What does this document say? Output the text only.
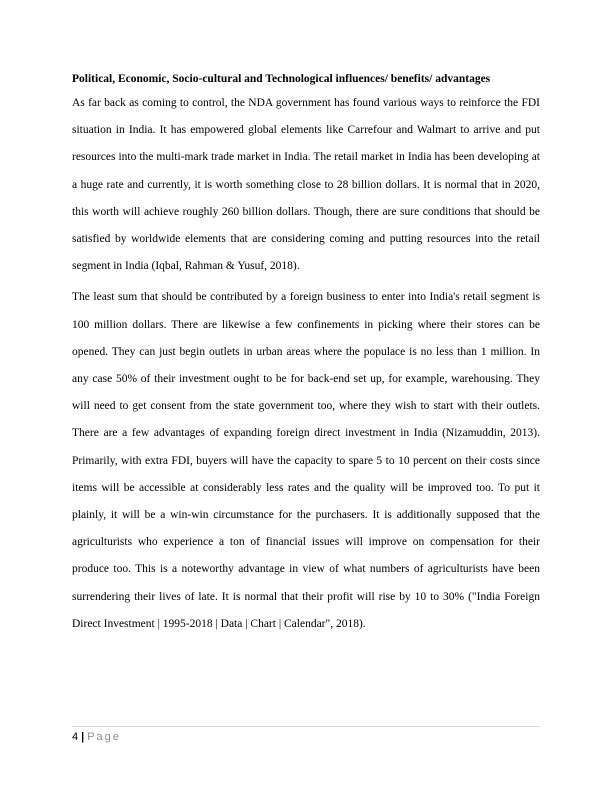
Political, Economic, Socio-cultural and Technological influences/ benefits/ advantages

As far back as coming to control, the NDA government has found various ways to reinforce the FDI situation in India. It has empowered global elements like Carrefour and Walmart to arrive and put resources into the multi-mark trade market in India. The retail market in India has been developing at a huge rate and currently, it is worth something close to 28 billion dollars. It is normal that in 2020, this worth will achieve roughly 260 billion dollars. Though, there are sure conditions that should be satisfied by worldwide elements that are considering coming and putting resources into the retail segment in India (Iqbal, Rahman & Yusuf, 2018).

The least sum that should be contributed by a foreign business to enter into India's retail segment is 100 million dollars. There are likewise a few confinements in picking where their stores can be opened. They can just begin outlets in urban areas where the populace is no less than 1 million. In any case 50% of their investment ought to be for back-end set up, for example, warehousing. They will need to get consent from the state government too, where they wish to start with their outlets. There are a few advantages of expanding foreign direct investment in India (Nizamuddin, 2013). Primarily, with extra FDI, buyers will have the capacity to spare 5 to 10 percent on their costs since items will be accessible at considerably less rates and the quality will be improved too. To put it plainly, it will be a win-win circumstance for the purchasers. It is additionally supposed that the agriculturists who experience a ton of financial issues will improve on compensation for their produce too. This is a noteworthy advantage in view of what numbers of agriculturists have been surrendering their lives of late. It is normal that their profit will rise by 10 to 30% ("India Foreign Direct Investment | 1995-2018 | Data | Chart | Calendar", 2018).

4 | Page
